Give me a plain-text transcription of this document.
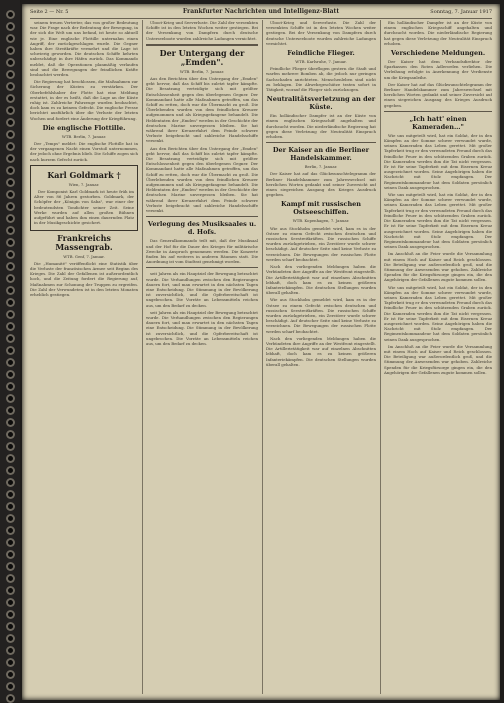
Seite 2 — Nr. 5	Frankfurter Nachrichten und Intelligenz-Blatt	Sonntag, 7. Januar 1917

seinem treuen Vertreter, das von großer Bedeutung war. Die Frage nach der Bedeutung der Bewegung, in der sich die Welt um uns befand, ist heute so aktuell wie je. Eine englische Flottille unternahm einen Angriff, der zurückgeschlagen wurde. Die Gegner haben ihre Streitkräfte vermehrt und die Lage ist schwierig geworden. Die deutschen Schiffe kehrten unbeschädigt in ihre Häfen zurück. Das Kommando meldet, daß die Operationen planmäßig verlaufen sind und die Bewegungen der feindlichen Kräfte beobachtet werden.

Die Regierung hat beschlossen, die Maßnahmen zur Sicherung der Küsten zu verstärken. Der Oberbefehlshaber der Flotte hat eine Meldung erstattet, in der es heißt, daß die Lage an der Küste ruhig ist. Zahlreiche Fahrzeuge wurden beobachtet, doch kam es zu keinem Gefecht. Die englische Presse berichtet ausführlich über die Verluste der letzten Wochen und fordert eine Änderung der Kriegführung.

Die englische Flottille.
WTB. Berlin, 7. Januar.

Der „Temps" meldet: Die englische Flottille hat in der vergangenen Nacht einen Vorstoß unternommen, der jedoch ohne Ergebnis blieb. Die Schiffe zogen sich nach kurzem Gefecht zurück.

Karl Goldmark †
Wien, 7. Januar.

Der Komponist Karl Goldmark ist heute früh im Alter von 86 Jahren gestorben. Goldmark, der Schöpfer der „Königin von Saba", war einer der bedeutendsten Tondichter seiner Zeit. Seine Werke wurden auf allen großen Bühnen aufgeführt und haben ihm einen dauernden Platz in der Musikgeschichte gesichert.

Frankreichs Massengrab.
WTB. Genf, 7. Januar.

Die „Humanité" veröffentlicht eine Statistik über die Verluste der französischen Armee seit Beginn des Krieges. Die Zahl der Gefallenen ist außerordentlich hoch, und die Zeitung fordert die Regierung auf, Maßnahmen zur Schonung der Truppen zu ergreifen. Die Zahl der Verwundeten ist in den letzten Monaten erheblich gestiegen.

Uboot-Krieg und Seeverluste. Die Zahl der versenkten Schiffe ist in den letzten Wochen weiter gestiegen. Bei der Versenkung von Dampfern durch deutsche Unterseeboote wurden zahlreiche Ladungen vernichtet.

Der Untergang der „Emden".
WTB. Berlin, 7. Januar.

Aus den Berichten über den Untergang der „Emden" geht hervor, daß das Schiff bis zuletzt tapfer kämpfte. Die Besatzung verteidigte sich mit größter Entschlossenheit gegen den überlegenen Gegner. Der Kommandant hatte alle Maßnahmen getroffen, um das Schiff zu retten, doch war die Übermacht zu groß. Die Überlebenden wurden von dem feindlichen Kreuzer aufgenommen und als Kriegsgefangene behandelt. Die Heldentaten der „Emden" werden in der Geschichte der deutschen Marine unvergessen bleiben. Sie hat während ihrer Kreuzerfahrt dem Feinde schwere Verluste beigebracht und zahlreiche Handelsschiffe versenkt.

Aus den Berichten über den Untergang der „Emden" geht hervor, daß das Schiff bis zuletzt tapfer kämpfte. Die Besatzung verteidigte sich mit größter Entschlossenheit gegen den überlegenen Gegner. Der Kommandant hatte alle Maßnahmen getroffen, um das Schiff zu retten, doch war die Übermacht zu groß. Die Überlebenden wurden von dem feindlichen Kreuzer aufgenommen und als Kriegsgefangene behandelt. Die Heldentaten der „Emden" werden in der Geschichte der deutschen Marine unvergessen bleiben. Sie hat während ihrer Kreuzerfahrt dem Feinde schwere Verluste beigebracht und zahlreiche Handelsschiffe versenkt.

Verlegung des Musiksaales u. d. Hofs.

Das Generalkommando teilt mit, daß der Musiksaal und der Hof für die Dauer des Krieges für militärische Zwecke in Anspruch genommen werden. Die Konzerte finden bis auf weiteres in anderen Räumen statt. Die Anordnung ist vom Stadtrat genehmigt worden.

seit Jahren als ein Hauptziel der Bewegung betrachtet wurde. Die Verhandlungen zwischen den Regierungen dauern fort, und man erwartet in den nächsten Tagen eine Entscheidung. Die Stimmung in der Bevölkerung ist zuversichtlich, und die Opferbereitschaft ist ungebrochen. Die Vorräte an Lebensmitteln reichen aus, um den Bedarf zu decken.

seit Jahren als ein Hauptziel der Bewegung betrachtet wurde. Die Verhandlungen zwischen den Regierungen dauern fort, und man erwartet in den nächsten Tagen eine Entscheidung. Die Stimmung in der Bevölkerung ist zuversichtlich, und die Opferbereitschaft ist ungebrochen. Die Vorräte an Lebensmitteln reichen aus, um den Bedarf zu decken.

Uboot-Krieg und Seeverluste. Die Zahl der versenkten Schiffe ist in den letzten Wochen weiter gestiegen. Bei der Versenkung von Dampfern durch deutsche Unterseeboote wurden zahlreiche Ladungen vernichtet.

Feindliche Flieger.
WTB. Karlsruhe, 7. Januar.

Feindliche Flieger überflogen gestern die Stadt und warfen mehrere Bomben ab, die jedoch nur geringen Sachschaden anrichteten. Menschenleben sind nicht zu beklagen. Die Abwehrgeschütze traten sofort in Tätigkeit, worauf die Flieger sich zurückzogen.

Neutralitätsverletzung an der Küste.

Ein holländischer Dampfer ist an der Küste von einem englischen Kriegsschiff angehalten und durchsucht worden. Die niederländische Regierung hat gegen diese Verletzung der Neutralität Einspruch erhoben.

Der Kaiser an die Berliner Handelskammer.
Berlin, 7. Januar.

Der Kaiser hat auf das Glückwunschtelegramm der Berliner Handelskammer zum Jahreswechsel mit herzlichen Worten gedankt und seiner Zuversicht auf einen siegreichen Ausgang des Krieges Ausdruck gegeben.

Kampf mit russischen Ostseeschiffen.
WTB. Kopenhagen, 7. Januar.

Wie aus Stockholm gemeldet wird, kam es in der Ostsee zu einem Gefecht zwischen deutschen und russischen Seestreitkräften. Die russischen Schiffe wurden zurückgetrieben, ein Zerstörer wurde schwer beschädigt. Auf deutscher Seite sind keine Verluste zu verzeichnen. Die Bewegungen der russischen Flotte werden scharf beobachtet.

Nach den vorliegenden Meldungen haben die Verbündeten ihre Angriffe an der Westfront eingestellt. Die Artillerietätigkeit war auf einzelnen Abschnitten lebhaft, doch kam es zu keinen größeren Infanteriekämpfen. Die deutschen Stellungen wurden überall gehalten.

Wie aus Stockholm gemeldet wird, kam es in der Ostsee zu einem Gefecht zwischen deutschen und russischen Seestreitkräften. Die russischen Schiffe wurden zurückgetrieben, ein Zerstörer wurde schwer beschädigt. Auf deutscher Seite sind keine Verluste zu verzeichnen. Die Bewegungen der russischen Flotte werden scharf beobachtet.

Nach den vorliegenden Meldungen haben die Verbündeten ihre Angriffe an der Westfront eingestellt. Die Artillerietätigkeit war auf einzelnen Abschnitten lebhaft, doch kam es zu keinen größeren Infanteriekämpfen. Die deutschen Stellungen wurden überall gehalten.

Ein holländischer Dampfer ist an der Küste von einem englischen Kriegsschiff angehalten und durchsucht worden. Die niederländische Regierung hat gegen diese Verletzung der Neutralität Einspruch erhoben.

Verschiedene Meldungen.

Der Kaiser hat dem Verbandsdirektor der Sparkassen den Roten Adlerorden verliehen. Die Verleihung erfolgte in Anerkennung der Verdienste um die Kriegsanleihe.

Der Kaiser hat auf das Glückwunschtelegramm der Berliner Handelskammer zum Jahreswechsel mit herzlichen Worten gedankt und seiner Zuversicht auf einen siegreichen Ausgang des Krieges Ausdruck gegeben.

„Ich hatt' einen Kameraden…"

Wie uns mitgeteilt wird, hat ein Soldat, der in den Kämpfen an der Somme schwer verwundet wurde, seinen Kameraden das Leben gerettet. Mit großer Tapferkeit trug er den verwundeten Freund durch das feindliche Feuer in den schützenden Graben zurück. Die Kameraden werden ihm die Tat nicht vergessen. Er ist für seine Tapferkeit mit dem Eisernen Kreuz ausgezeichnet worden. Seine Angehörigen haben die Nachricht mit Stolz empfangen. Der Regimentskommandeur hat dem Soldaten persönlich seinen Dank ausgesprochen.

Wie uns mitgeteilt wird, hat ein Soldat, der in den Kämpfen an der Somme schwer verwundet wurde, seinen Kameraden das Leben gerettet. Mit großer Tapferkeit trug er den verwundeten Freund durch das feindliche Feuer in den schützenden Graben zurück. Die Kameraden werden ihm die Tat nicht vergessen. Er ist für seine Tapferkeit mit dem Eisernen Kreuz ausgezeichnet worden. Seine Angehörigen haben die Nachricht mit Stolz empfangen. Der Regimentskommandeur hat dem Soldaten persönlich seinen Dank ausgesprochen.

Im Anschluß an die Feier wurde die Versammlung mit einem Hoch auf Kaiser und Reich geschlossen. Die Beteiligung war außerordentlich groß, und die Stimmung der Anwesenden war gehoben. Zahlreiche Spenden für die Kriegsfürsorge gingen ein, die den Angehörigen der Gefallenen zugute kommen sollen.

Wie uns mitgeteilt wird, hat ein Soldat, der in den Kämpfen an der Somme schwer verwundet wurde, seinen Kameraden das Leben gerettet. Mit großer Tapferkeit trug er den verwundeten Freund durch das feindliche Feuer in den schützenden Graben zurück. Die Kameraden werden ihm die Tat nicht vergessen. Er ist für seine Tapferkeit mit dem Eisernen Kreuz ausgezeichnet worden. Seine Angehörigen haben die Nachricht mit Stolz empfangen. Der Regimentskommandeur hat dem Soldaten persönlich seinen Dank ausgesprochen.

Im Anschluß an die Feier wurde die Versammlung mit einem Hoch auf Kaiser und Reich geschlossen. Die Beteiligung war außerordentlich groß, und die Stimmung der Anwesenden war gehoben. Zahlreiche Spenden für die Kriegsfürsorge gingen ein, die den Angehörigen der Gefallenen zugute kommen sollen.
